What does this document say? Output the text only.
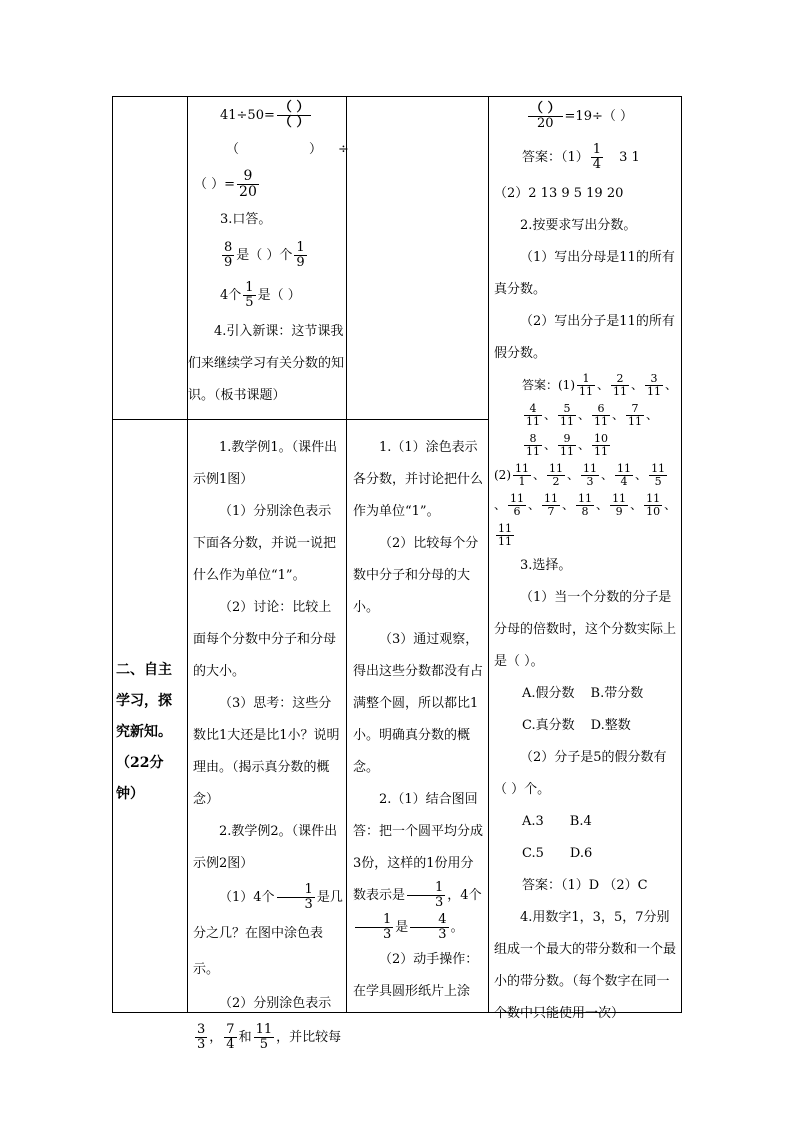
二、自主学习，探究新知。
（22分钟）
$41\div 50= \frac{( )}{( )}$
（	） ÷
（ ）= $\frac{9}{20}$
3.口答。
$\frac{8}{9}$ 是（ ）个 $\frac{1}{9}$
4个 $\frac{1}{5}$ 是（ ）
4.引入新课：这节课我们来继续学习有关分数的知识。（板书课题）

1.教学例1。（课件出示例1图）

（1）分别涂色表示下面各分数，并说一说把什么作为单位“1”。

（2）讨论：比较上面每个分数中分子和分母的大小。

（3）思考：这些分数比1大还是比1小？说明理由。（揭示真分数的概念）

2.教学例2。（课件出示例2图）

（1）4个 $\frac{1}{3}$ 是几分之几？在图中涂色表示。

（2）分别涂色表示

$\frac{3}{3}$ ， $\frac{7}{4}$ 和 $\frac{11}{5}$ ，并比较每

1.（1）涂色表示各分数，并讨论把什么作为单位“1”。

（2）比较每个分数中分子和分母的大小。

（3）通过观察，得出这些分数都没有占满整个圆，所以都比1小。明确真分数的概念。

2.（1）结合图回答：把一个圆平均分成3份，这样的1份用分数表示是 $\frac{1}{3}$ ，4个

$\frac{1}{3}$ 是 $\frac{4}{3}$ 。

（2）动手操作：在学具圆形纸片上涂

$\frac{( )}{20} =19\div$（ ）
答案：$(1) \frac{1}{4} 3$ 1
（2）2 13 9 5 19 20
2.按要求写出分数。
（1）写出分母是11的所有真分数。
（2）写出分子是11的所有假分数。
答案：$(1) \frac{1}{11}$ 、 $\frac{2}{11}$ 、 $\frac{3}{11}$ 、
$\frac{4}{11}$ 、 $\frac{5}{11}$ 、 $\frac{6}{11}$ 、 $\frac{7}{11}$ 、
$\frac{8}{11}$ 、 $\frac{9}{11}$ 、 $\frac{10}{11}$
$(2) \frac{11}{1}$ 、 $\frac{11}{2}$ 、 $\frac{11}{3}$ 、 $\frac{11}{4}$ 、 $\frac{11}{5}$
、 $\frac{11}{6}$ 、 $\frac{11}{7}$ 、 $\frac{11}{8}$ 、 $\frac{11}{9}$ 、 $\frac{11}{10}$ 、
$\frac{11}{11}$
3.选择。
（1）当一个分数的分子是分母的倍数时，这个分数实际上是（ ）。
A.假分数 B.带分数
C.真分数 D.整数
（2）分子是5的假分数有（ ）个。
A.3 B.4
C.5 D.6
答案：（1）D （2）C
4.用数字1，3，5，7分别组成一个最大的带分数和一个最小的带分数。（每个数字在同一个数中只能使用一次）
